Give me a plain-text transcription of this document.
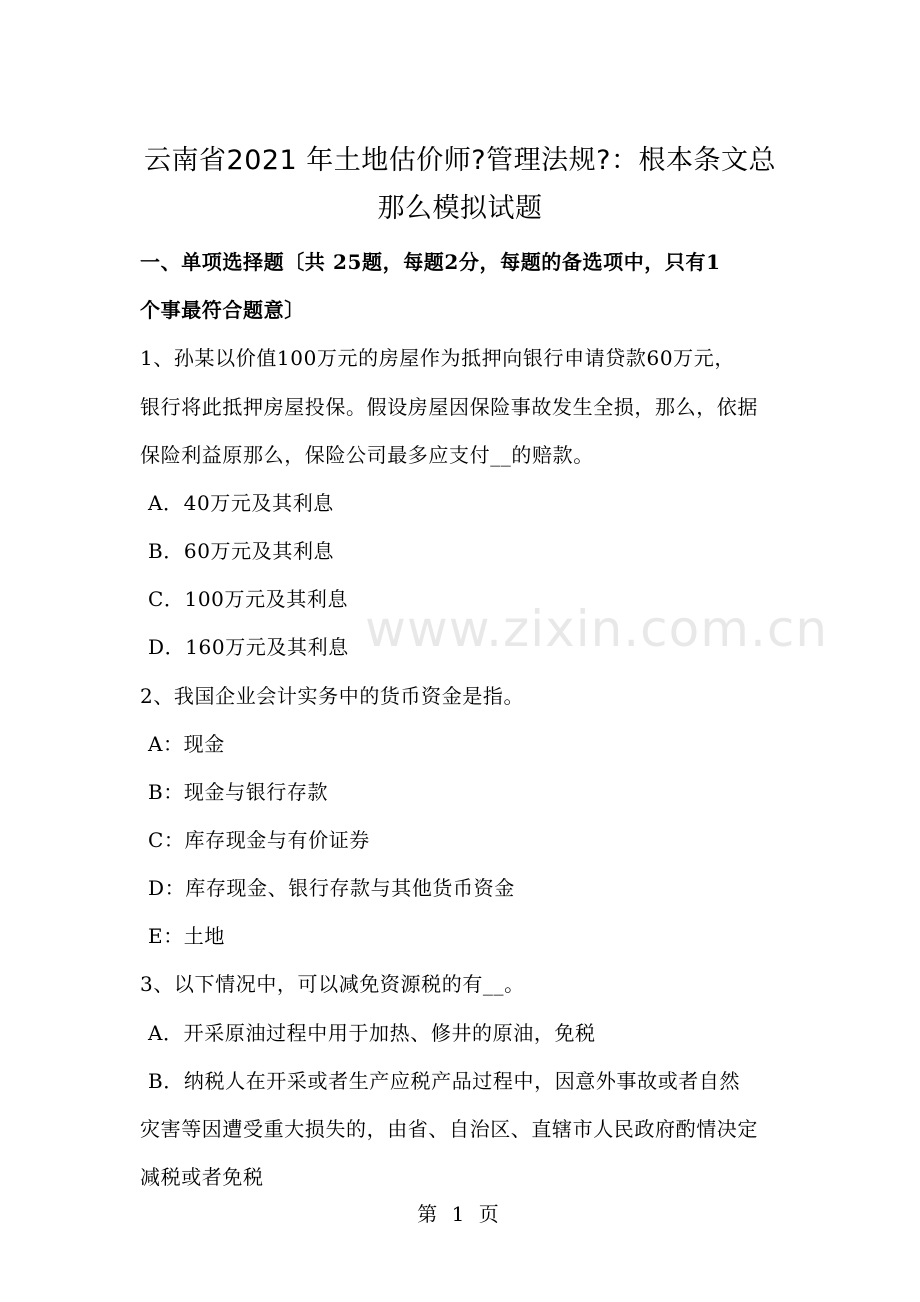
云南省2021 年土地估价师?管理法规?：根本条文总
那么模拟试题
一、单项选择题〔共 25题，每题2分，每题的备选项中，只有1
个事最符合题意〕
1、孙某以价值100万元的房屋作为抵押向银行申请贷款60万元，
银行将此抵押房屋投保。假设房屋因保险事故发生全损，那么，依据
保险利益原那么，保险公司最多应支付__的赔款。
A．40万元及其利息
B．60万元及其利息
C．100万元及其利息
D．160万元及其利息
2、我国企业会计实务中的货币资金是指。
A：现金
B：现金与银行存款
C：库存现金与有价证券
D：库存现金、银行存款与其他货币资金
E：土地
3、以下情况中，可以减免资源税的有__。
A．开采原油过程中用于加热、修井的原油，免税
B．纳税人在开采或者生产应税产品过程中，因意外事故或者自然
灾害等因遭受重大损失的，由省、自治区、直辖市人民政府酌情决定
减税或者免税
第 1 页
www.zixin.com.cn
